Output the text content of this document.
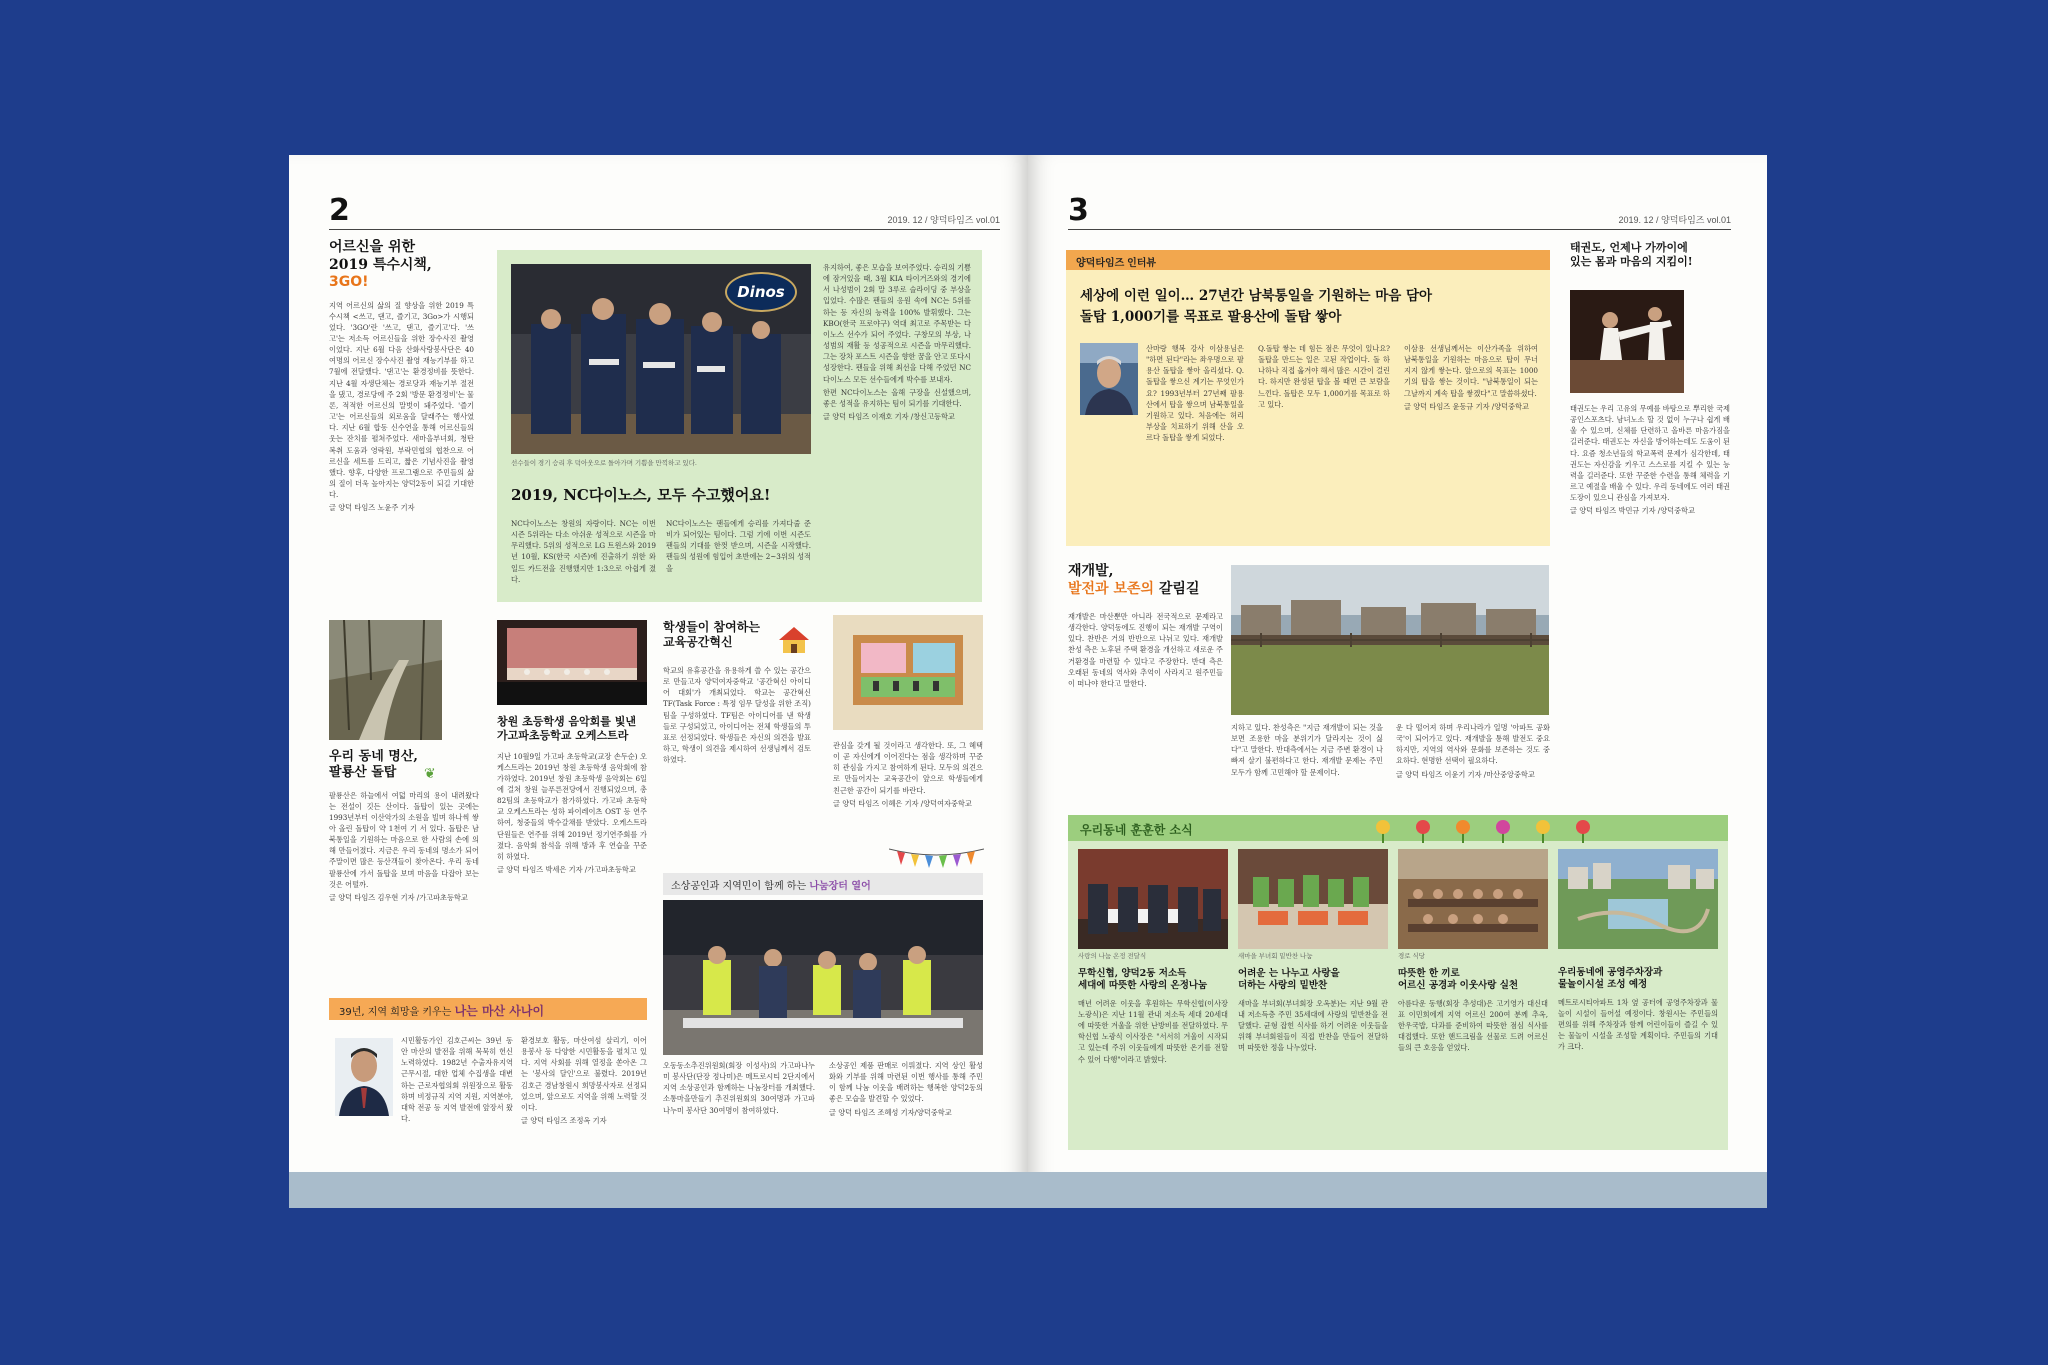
2	2019. 12 / 양덕타임즈 vol.01
어르신을 위한
2019 특수시책, 3GO!
지역 어르신의 삶의 질 향상을 위한 2019 특수시책 <쓰고, 댄고, 즐기고, 3Go>가 시행되었다. '3GO'란 '쓰고, 댄고, 즐기고'다. '쓰고'는 저소득 어르신들을 위한 장수사진 촬영이었다. 지난 6월 다음 산화사랑봉사단은 40여명의 어르신 장수사진 촬영 재능기부를 하고 7월에 전달했다. '댄고'는 환경정비를 뜻한다. 지난 4월 자생단체는 경로당과 재능기부 절전을 댔고, 경로당에 주 2회 '방문 환경정비'는 물론, 적적한 어르신의 말벗이 돼주었다. '즐기고'는 어르신들의 외로움을 달래주는 행사였다. 지난 6월 합동 신수연을 통해 어르신들의 웃는 잔치를 펼쳐주었다. 새마을부녀회, 청탄복취 도움과 영락원, 부락민협의 협찬으로 어르신을 세트를 드리고, 짧은 기념사진을 촬영했다. 향후, 다양한 프로그램으로 주민들의 삶의 질이 더욱 높아지는 양덕2동이 되길 기대한다.
글 양덕 타임즈 노윤주 기자
Dinos
선수들이 경기 승리 후 덕아웃으로 돌아가며 기쁨을 만끽하고 있다.
2019, NC다이노스, 모두 수고했어요!
NC다이노스는 창원의 자랑이다. NC는 이번 시즌 5위라는 다소 아쉬운 성적으로 시즌을 마무리했다. 5위의 성적으로 LG 트윈스와 2019년 10월, KS(한국 시즌)에 진출하기 위한 와일드 카드전을 진행했지만 1:3으로 아쉽게 졌다.
NC다이노스는 팬들에게 승리를 가져다줄 준비가 되어있는 팀이다. 그럼 기에 이번 시즌도 팬들의 기대를 한껏 받으며, 시즌을 시작했다. 팬들의 성원에 힘입어 초반에는 2~3위의 성적을
유지하여, 좋은 모습을 보여주었다. 승리의 기쁨에 잠겨있을 때, 3월 KIA 타이거즈와의 경기에서 나성범이 2회 말 3루로 슬라이딩 중 부상을 입었다. 수많은 팬들의 응원 속에 NC는 5위를 하는 등 자신의 능력을 100% 발휘했다. 그는 KBO(한국 프로야구) 역대 최고로 주목받는 다이노스 선수가 되어 주었다. 구창모의 부상, 나성범의 재활 등 성공적으로 시즌을 마무리했다. 그는 장차 포스트 시즌을 향한 꿈을 안고 또다시 성장한다. 팬들을 위해 최선을 다해 주었던 NC다이노스 모든 선수들에게 박수를 보내자.
한편 NC다이노스는 올해 구장을 신설했으며, 좋은 성적을 유지하는 팀이 되기를 기대한다.
글 양덕 타임즈 이재호 기자 /창신고등학교
우리 동네 명산,
팔룡산 돌탑	❦
팔룡산은 하늘에서 여덟 마리의 용이 내려왔다는 전설이 깃든 산이다. 돌탑이 있는 곳에는 1993년부터 이산악가의 소원을 빌며 하나씩 쌓아 올린 돌탑이 약 1천여 기 서 있다. 돌탑은 남북통일을 기원하는 마음으로 한 사람의 손에 의해 만들어졌다. 지금은 우리 동네의 명소가 되어 주말이면 많은 등산객들이 찾아온다. 우리 동네 팔룡산에 가서 돌탑을 보며 마음을 다잡아 보는 것은 어떨까.
글 양덕 타임즈 김우현 기자 /가고파초등학교
창원 초등학생 음악회를 빛낸
가고파초등학교 오케스트라
지난 10월9일 가고파 초등학교(교장 손두순) 오케스트라는 2019년 창원 초등학생 음악회에 참가하였다. 2019년 창원 초등학생 음악회는 6일에 걸쳐 창원 늘푸른전당에서 진행되었으며, 총 82팀의 초등학교가 참가하였다. 가고파 초등학교 오케스트라는 성하 파이레이츠 OST 등 연주하여, 청중들의 박수갈채를 받았다. 오케스트라 단원들은 연주를 위해 2019년 정기연주회를 가졌다. 음악회 참석을 위해 방과 후 연습을 꾸준히 하였다.
글 양덕 타임즈 박세은 기자 /가고파초등학교
학생들이 참여하는
교육공간혁신
학교의 유휴공간을 유용하게 쓸 수 있는 공간으로 만들고자 양덕여자중학교 '공간혁신 아이디어 대회'가 개최되었다. 학교는 공간혁신 TF(Task Force : 특정 임무 달성을 위한 조직)팀을 구성하였다. TF팀은 아이디어를 낸 학생들로 구성되었고, 아이디어는 전체 학생들의 투표로 선정되었다. 학생들은 자신의 의견을 발표하고, 학생이 의견을 제시하여 선생님께서 검토하였다.
관심을 갖게 될 것이라고 생각한다. 또, 그 혜택이 곧 자신에게 이어진다는 점을 생각하며 꾸준히 관심을 가지고 참여하게 된다. 모두의 의견으로 만들어지는 교육공간이 앞으로 학생들에게 친근한 공간이 되기를 바란다.
글 양덕 타임즈 이혜은 기자 /양덕여자중학교
소상공인과 지역민이 함께 하는 나눔장터 열어
오동동소추진위원회(회장 이성사)의 가고파나누미 봉사단(단장 정나미)은 메트로시티 2단지에서 지역 소상공인과 함께하는 나눔장터를 개최했다. 소통마을만들기 추진위원회의 30여명과 가고파 나누미 봉사단 30여명이 참여하였다.
소상공인 제품 판매로 이뤄졌다. 지역 상인 활성화와 기부를 위해 마련된 이번 행사를 통해 주민이 함께 나눔 이웃을 배려하는 행복한 양덕2동의 좋은 모습을 발견할 수 있었다.
글 양덕 타임즈 조혜성 기자/양덕중학교
39년, 지역 희망을 키우는 나는 마산 사나이
시민활동가인 김호근씨는 39년 동안 마산의 발전을 위해 묵묵히 헌신 노력하였다. 1982년 수출자유지역 근무시절, 대한 업체 수집생을 대변하는 근로자협의회 위원장으로 활동하며 비정규직 지역 지원, 지역분야, 대학 전공 등 지역 발전에 앞장서 왔다.
환경보호 활동, 마산여섬 살리기, 이어 용봉사 등 다양한 시민활동을 펼치고 있다. 지역 사회를 위해 열정을 쏟아온 그는 '봉사의 달인'으로 불렸다. 2019년 김호근 경남창원시 희망봉사자로 선정되었으며, 앞으로도 지역을 위해 노력할 것이다.
글 양덕 타임즈 조정옥 기자
3	2019. 12 / 양덕타임즈 vol.01
양덕타임즈 인터뷰
세상에 이런 일이… 27년간 남북통일을 기원하는 마음 담아
돌탑 1,000기를 목표로 팔용산에 돌탑 쌓아
산마랑 행복 강사 이삼용님은 "하면 된다"라는 좌우명으로 팔용산 돌탑을 쌓아 올리셨다. Q.돌탑을 쌓으신 계기는 무엇인가요? 1993년부터 27년째 팔용산에서 탑을 쌓으며 남북통일을 기원하고 있다. 처음에는 허리 부상을 치료하기 위해 산을 오르다 돌탑을 쌓게 되었다.
Q.돌탑 쌓는 데 힘든 점은 무엇이 있나요? 돌탑을 만드는 일은 고된 작업이다. 돌 하나하나 직접 옮겨야 해서 많은 시간이 걸린다. 하지만 완성된 탑을 볼 때면 큰 보람을 느낀다. 돌탑은 모두 1,000기를 목표로 하고 있다.
이삼용 선생님께서는 이산가족을 위하여 남북통일을 기원하는 마음으로 탑이 무너지지 않게 쌓는다. 앞으로의 목표는 1000기의 탑을 쌓는 것이다. "남북통일이 되는 그날까지 계속 탑을 쌓겠다"고 말씀하셨다.
글 양덕 타임즈 윤동규 기자 /양덕중학교
태권도, 언제나 가까이에
있는 몸과 마음의 지킴이!
태권도는 우리 고유의 무예를 바탕으로 뿌리한 국제공인스포츠다. 남녀노소 할 것 없이 누구나 쉽게 배울 수 있으며, 신체를 단련하고 올바른 마음가짐을 길러준다. 태권도는 자신을 방어하는데도 도움이 된다. 요즘 청소년들의 학교폭력 문제가 심각한데, 태권도는 자신감을 키우고 스스로를 지킬 수 있는 능력을 길러준다. 또한 꾸준한 수련을 통해 체력을 기르고 예절을 배울 수 있다. 우리 동네에도 여러 태권도장이 있으니 관심을 가져보자.
글 양덕 타임즈 박민규 기자 /양덕중학교
재개발,
발전과 보존의 갈림길
재개발은 마산뿐만 아니라 전국적으로 문제라고 생각한다. 양덕동에도 진행이 되는 재개발 구역이 있다. 찬반은 거의 반반으로 나뉘고 있다. 재개발 찬성 측은 노후된 주택 환경을 개선하고 새로운 주거환경을 마련할 수 있다고 주장한다. 반대 측은 오래된 동네의 역사와 추억이 사라지고 원주민들이 떠나야 한다고 말한다.
지하고 있다. 찬성측은 "지금 재개발이 되는 것을 보면 조용한 마을 분위기가 달라지는 것이 싫다"고 말한다. 반대측에서는 지금 주변 환경이 나빠져 살기 불편하다고 한다. 재개발 문제는 주민 모두가 함께 고민해야 할 문제이다.
운 다 떨어져 하며 우리나라가 일명 '아파트 공화국'이 되어가고 있다. 재개발을 통해 발전도 중요하지만, 지역의 역사와 문화를 보존하는 것도 중요하다. 현명한 선택이 필요하다.
글 양덕 타임즈 이윤기 기자 /마산중앙중학교
우리동네 훈훈한 소식
사랑의 나눔 온정 전달식
무학신협, 양덕2동 저소득
세대에 따뜻한 사랑의 온정나눔
매년 어려운 이웃을 후원하는 무학신협(이사장 노광식)은 지난 11월 관내 저소득 세대 20세대에 따뜻한 겨울을 위한 난방비를 전달하였다. 무학신협 노광식 이사장은 "서서히 겨울이 시작되고 있는데 주위 이웃들에게 따뜻한 온기를 전할 수 있어 다행"이라고 밝혔다.
새마을 부녀회 밑반찬 나눔
어려운 는 나누고 사랑을
더하는 사랑의 밑반찬
새마을 부녀회(부녀회장 오옥분)는 지난 9월 관내 저소득층 주민 35세대에 사랑의 밑반찬을 전달했다. 균형 잡힌 식사를 하기 어려운 이웃들을 위해 부녀회원들이 직접 반찬을 만들어 전달하며 따뜻한 정을 나누었다.
경로 식당
따뜻한 한 끼로
어르신 공경과 이웃사랑 실천
아름다운 동행(회장 추성대)은 고기영가 대신대표 이민희에게 지역 어르신 200여 분께 추옥, 한우국밥, 다과를 준비하여 따뜻한 점심 식사를 대접했다. 또한 핸드크림을 선물로 드려 어르신들의 큰 호응을 얻었다.
우리동네에 공영주차장과
물놀이시설 조성 예정
메트로시티아파트 1차 옆 공터에 공영주차장과 물놀이 시설이 들어설 예정이다. 창원시는 주민들의 편의를 위해 주차장과 함께 어린이들이 즐길 수 있는 물놀이 시설을 조성할 계획이다. 주민들의 기대가 크다.
